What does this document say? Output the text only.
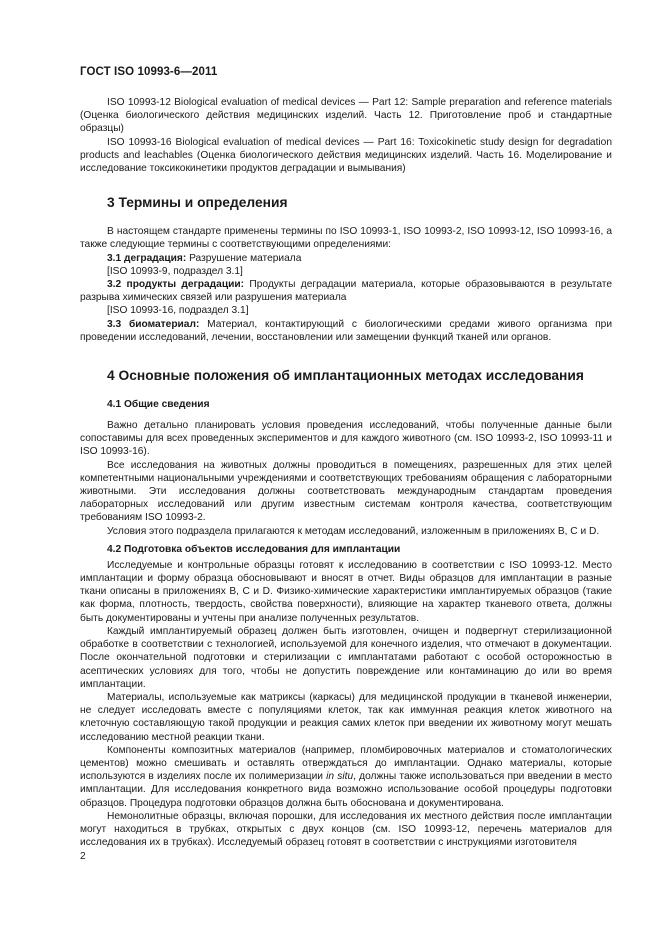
ГОСТ ISO 10993-6—2011

ISO 10993-12 Biological evaluation of medical devices — Part 12: Sample preparation and reference materials (Оценка биологического действия медицинских изделий. Часть 12. Приготовление проб и стандартные образцы)

ISO 10993-16 Biological evaluation of medical devices — Part 16: Toxicokinetic study design for degradation products and leachables (Оценка биологического действия медицинских изделий. Часть 16. Моделирование и исследование токсикокинетики продуктов деградации и вымывания)

3 Термины и определения

В настоящем стандарте применены термины по ISO 10993-1, ISO 10993-2, ISO 10993-12, ISO 10993-16, а также следующие термины с соответствующими определениями:

3.1 деградация: Разрушение материала

[ISO 10993-9, подраздел 3.1]

3.2 продукты деградации: Продукты деградации материала, которые образовываются в результате разрыва химических связей или разрушения материала

[ISO 10993-16, подраздел 3.1]

3.3 биоматериал: Материал, контактирующий с биологическими средами живого организма при проведении исследований, лечении, восстановлении или замещении функций тканей или органов.

4 Основные положения об имплантационных методах исследования
4.1 Общие сведения

Важно детально планировать условия проведения исследований, чтобы полученные данные были сопоставимы для всех проведенных экспериментов и для каждого животного (см. ISO 10993-2, ISO 10993-11 и ISO 10993-16).

Все исследования на животных должны проводиться в помещениях, разрешенных для этих целей компетентными национальными учреждениями и соответствующих требованиям обращения с лабораторными животными. Эти исследования должны соответствовать международным стандартам проведения лабораторных исследований или другим известным системам контроля качества, соответствующим требованиям ISO 10993-2.

Условия этого подраздела прилагаются к методам исследований, изложенным в приложениях B, C и D.

4.2 Подготовка объектов исследования для имплантации

Исследуемые и контрольные образцы готовят к исследованию в соответствии с ISO 10993-12. Место имплантации и форму образца обосновывают и вносят в отчет. Виды образцов для имплантации в разные ткани описаны в приложениях B, C и D. Физико-химические характеристики имплантируемых образцов (такие как форма, плотность, твердость, свойства поверхности), влияющие на характер тканевого ответа, должны быть документированы и учтены при анализе полученных результатов.

Каждый имплантируемый образец должен быть изготовлен, очищен и подвергнут стерилизационной обработке в соответствии с технологией, используемой для конечного изделия, что отмечают в документации. После окончательной подготовки и стерилизации с имплантатами работают с особой осторожностью в асептических условиях для того, чтобы не допустить повреждение или контаминацию до или во время имплантации.

Материалы, используемые как матриксы (каркасы) для медицинской продукции в тканевой инженерии, не следует исследовать вместе с популяциями клеток, так как иммунная реакция клеток животного на клеточную составляющую такой продукции и реакция самих клеток при введении их животному могут мешать исследованию местной реакции ткани.

Компоненты композитных материалов (например, пломбировочных материалов и стоматологических цементов) можно смешивать и оставлять отверждаться до имплантации. Однако материалы, которые используются в изделиях после их полимеризации in situ, должны также использоваться при введении в место имплантации. Для исследования конкретного вида возможно использование особой процедуры подготовки образцов. Процедура подготовки образцов должна быть обоснована и документирована.

Немонолитные образцы, включая порошки, для исследования их местного действия после имплантации могут находиться в трубках, открытых с двух концов (см. ISO 10993-12, перечень материалов для исследования их в трубках). Исследуемый образец готовят в соответствии с инструкциями изготовителя

2
